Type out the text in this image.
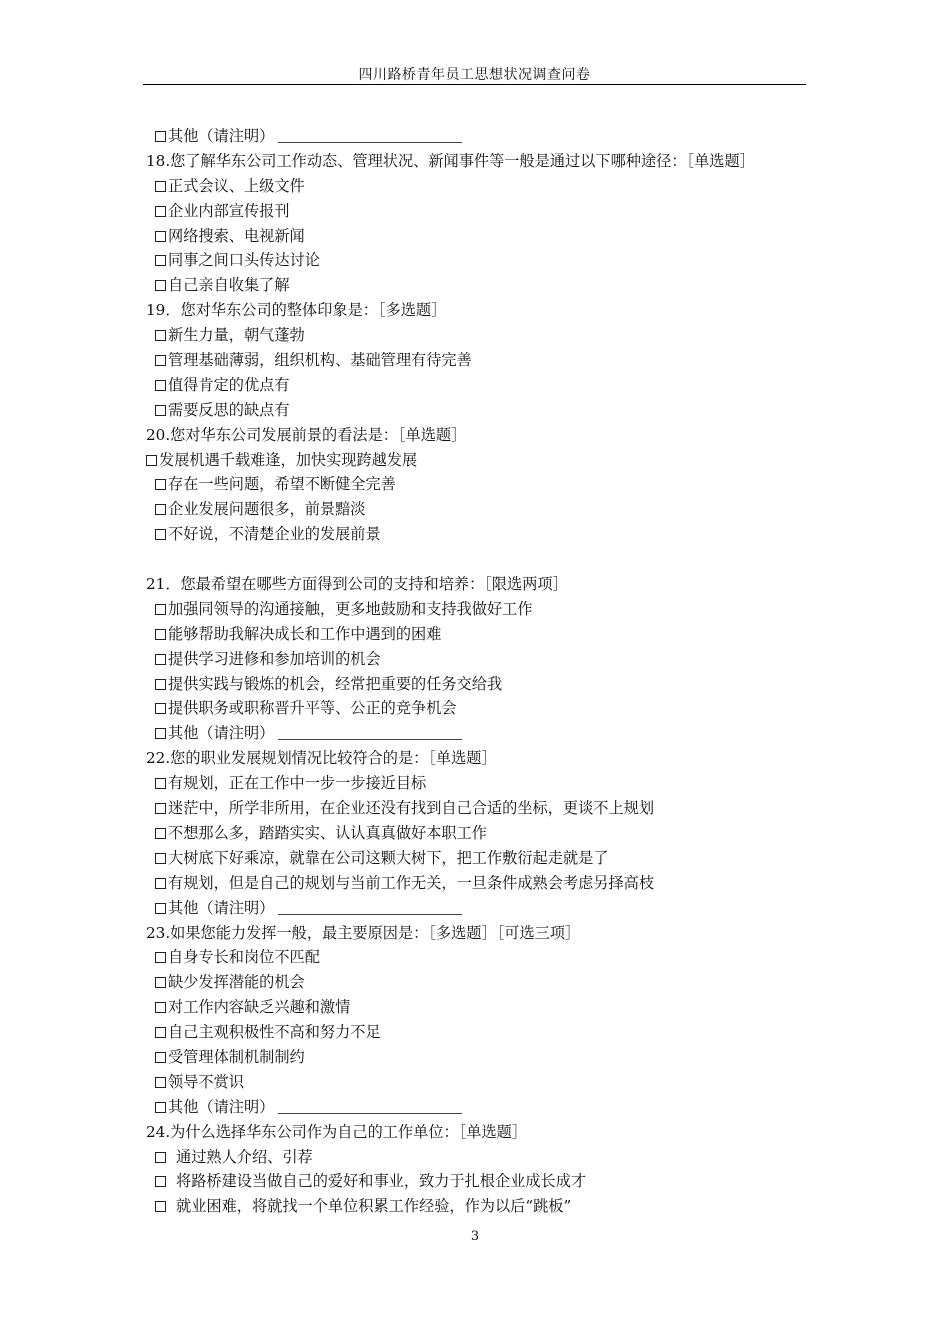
四川路桥青年员工思想状况调查问卷
其他（请注明）
18.您了解华东公司工作动态、管理状况、新闻事件等一般是通过以下哪种途径：［单选题］
正式会议、上级文件
企业内部宣传报刊
网络搜索、电视新闻
同事之间口头传达讨论
自己亲自收集了解
19．您对华东公司的整体印象是：［多选题］
新生力量，朝气蓬勃
管理基础薄弱，组织机构、基础管理有待完善
值得肯定的优点有
需要反思的缺点有
20.您对华东公司发展前景的看法是：［单选题］
发展机遇千载难逢，加快实现跨越发展
存在一些问题，希望不断健全完善
企业发展问题很多，前景黯淡
不好说，不清楚企业的发展前景
21．您最希望在哪些方面得到公司的支持和培养：［限选两项］
加强同领导的沟通接触，更多地鼓励和支持我做好工作
能够帮助我解决成长和工作中遇到的困难
提供学习进修和参加培训的机会
提供实践与锻炼的机会，经常把重要的任务交给我
提供职务或职称晋升平等、公正的竞争机会
其他（请注明）
22.您的职业发展规划情况比较符合的是：［单选题］
有规划，正在工作中一步一步接近目标
迷茫中，所学非所用，在企业还没有找到自己合适的坐标，更谈不上规划
不想那么多，踏踏实实、认认真真做好本职工作
大树底下好乘凉，就靠在公司这颗大树下，把工作敷衍起走就是了
有规划，但是自己的规划与当前工作无关，一旦条件成熟会考虑另择高枝
其他（请注明）
23.如果您能力发挥一般，最主要原因是：［多选题］［可选三项］
自身专长和岗位不匹配
缺少发挥潜能的机会
对工作内容缺乏兴趣和激情
自己主观积极性不高和努力不足
受管理体制机制制约
领导不赏识
其他（请注明）
24.为什么选择华东公司作为自己的工作单位：［单选题］
通过熟人介绍、引荐
将路桥建设当做自己的爱好和事业，致力于扎根企业成长成才
就业困难，将就找一个单位积累工作经验，作为以后“跳板”
3
